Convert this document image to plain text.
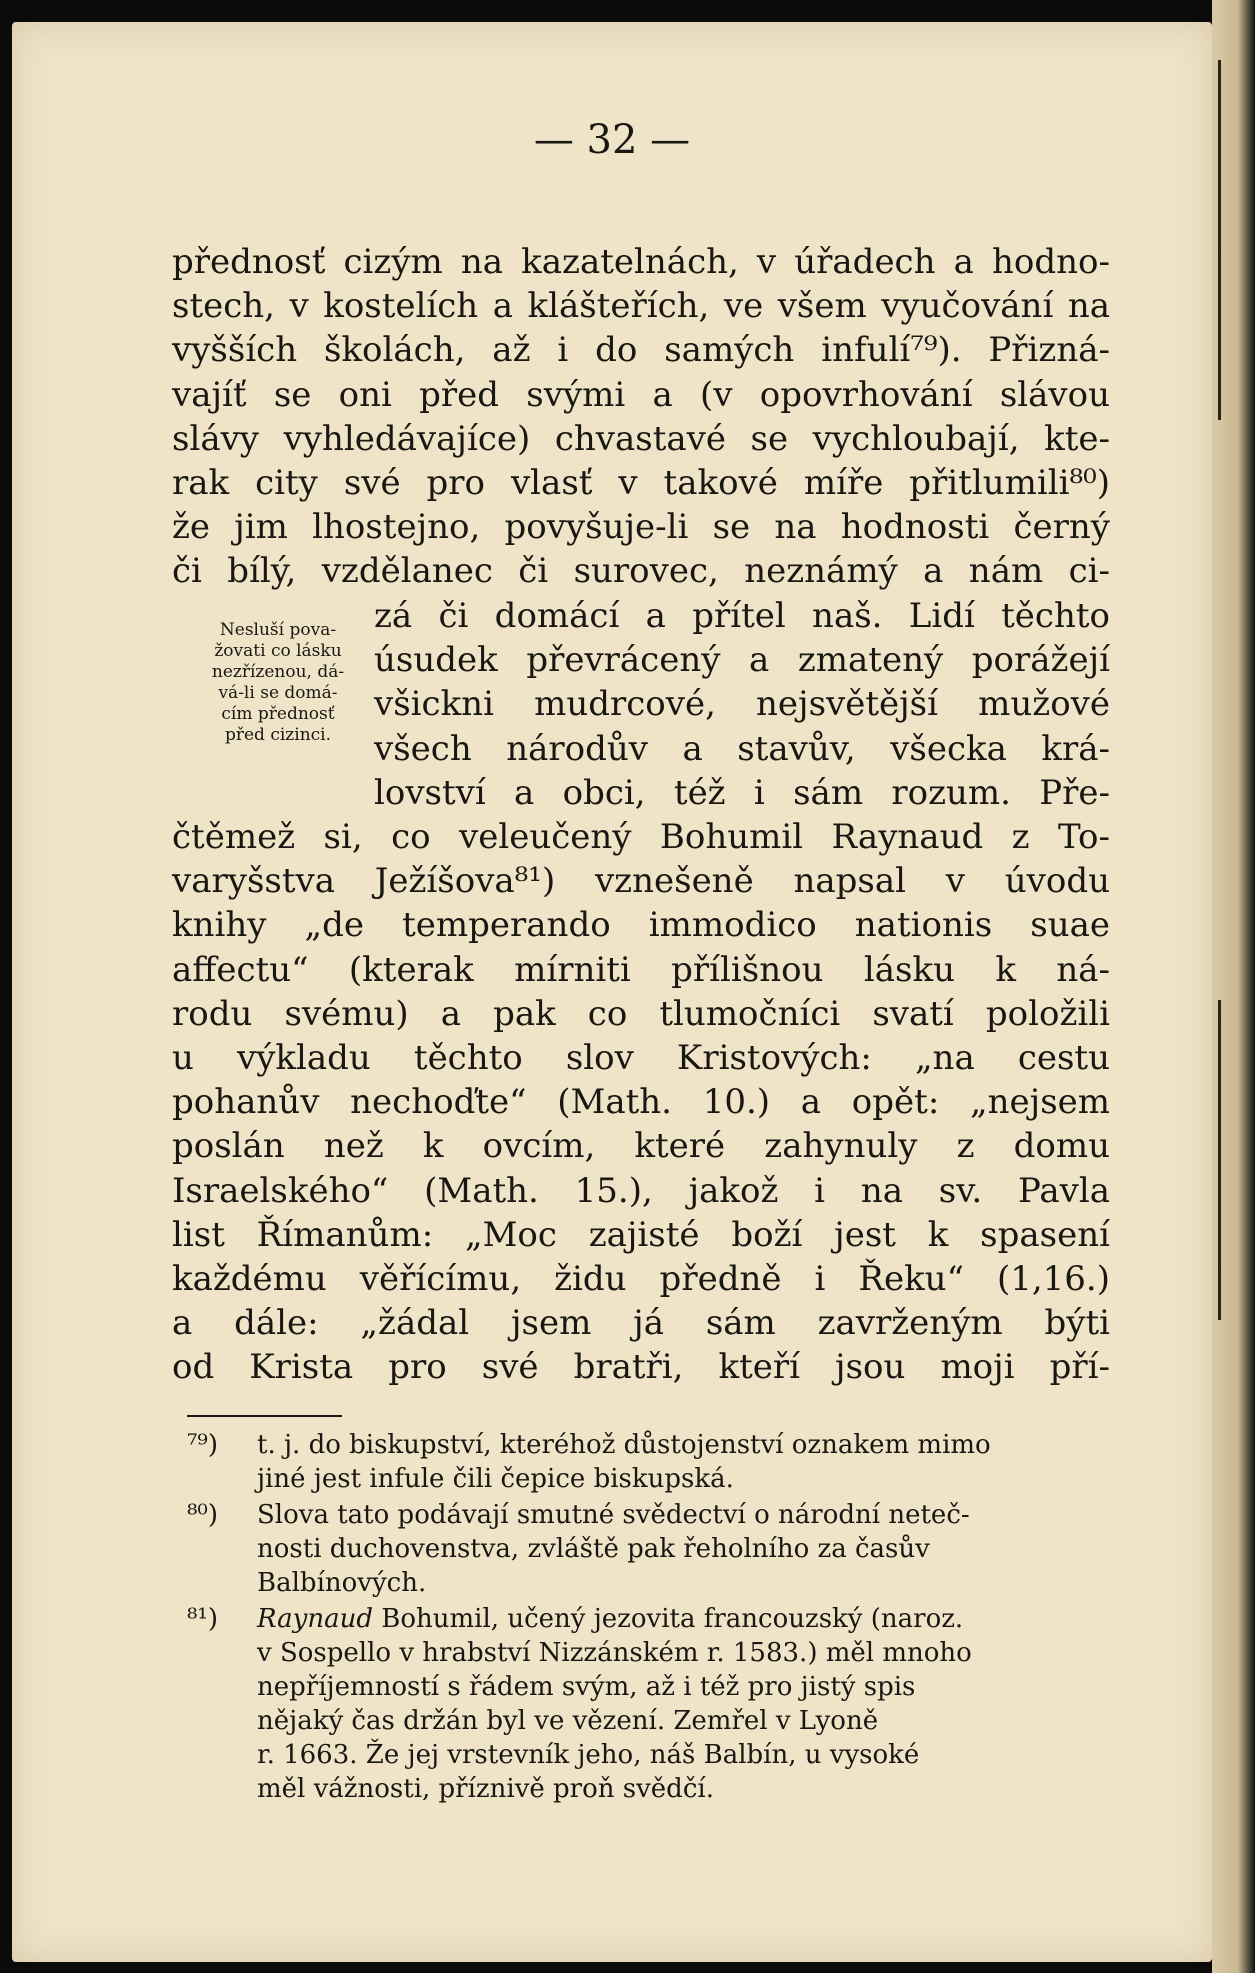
— 32 —
přednosť cizým na kazatelnách, v úřadech a hodno-
stech, v kostelích a klášteřích, ve všem vyučování na
vyšších školách, až i do samých infulí⁷⁹). Přizná-
vajíť se oni před svými a (v opovrhování slávou
slávy vyhledávajíce) chvastavé se vychloubají, kte-
rak city své pro vlasť v takové míře přitlumili⁸⁰)
že jim lhostejno, povyšuje-li se na hodnosti černý
či bílý, vzdělanec či surovec, neznámý a nám ci-
Nesluší pova-
žovati co lásku
nezřízenou, dá-
vá-li se domá-
cím přednosť
před cizinci.
zá či domácí a přítel naš. Lidí těchto
úsudek převrácený a zmatený porážejí
všickni mudrcové, nejsvětější mužové
všech národův a stavův, všecka krá-
lovství a obci, též i sám rozum. Pře-
čtěmež si, co veleučený Bohumil Raynaud z To-
varyšstva Ježíšova⁸¹) vznešeně napsal v úvodu
knihy „de temperando immodico nationis suae
affectu“ (kterak mírniti přílišnou lásku k ná-
rodu svému) a pak co tlumočníci svatí položili
u výkladu těchto slov Kristových: „na cestu
pohanův nechoďte“ (Math. 10.) a opět: „nejsem
poslán než k ovcím, které zahynuly z domu
Israelského“ (Math. 15.), jakož i na sv. Pavla
list Římanům: „Moc zajisté boží jest k spasení
každému věřícímu, židu předně i Řeku“ (1,16.)
a dále: „žádal jsem já sám zavrženým býti
od Krista pro své bratři, kteří jsou moji pří-
⁷⁹) t. j. do biskupství, kteréhož důstojenství oznakem mimo
jiné jest infule čili čepice biskupská.
⁸⁰) Slova tato podávají smutné svědectví o národní netеč-
nosti duchovenstva, zvláště pak řeholního za časův
Balbínových.
⁸¹) Raynaud Bohumil, učený jezovita francouzský (naroz.
v Sospello v hrabství Nizzánském r. 1583.) měl mnoho
nepříjemností s řádem svým, až i též pro jistý spis
nějaký čas držán byl ve vězení. Zemřel v Lyoně
r. 1663. Že jej vrstevník jeho, náš Balbín, u vysoké
měl vážnosti, příznivě proň svědčí.
